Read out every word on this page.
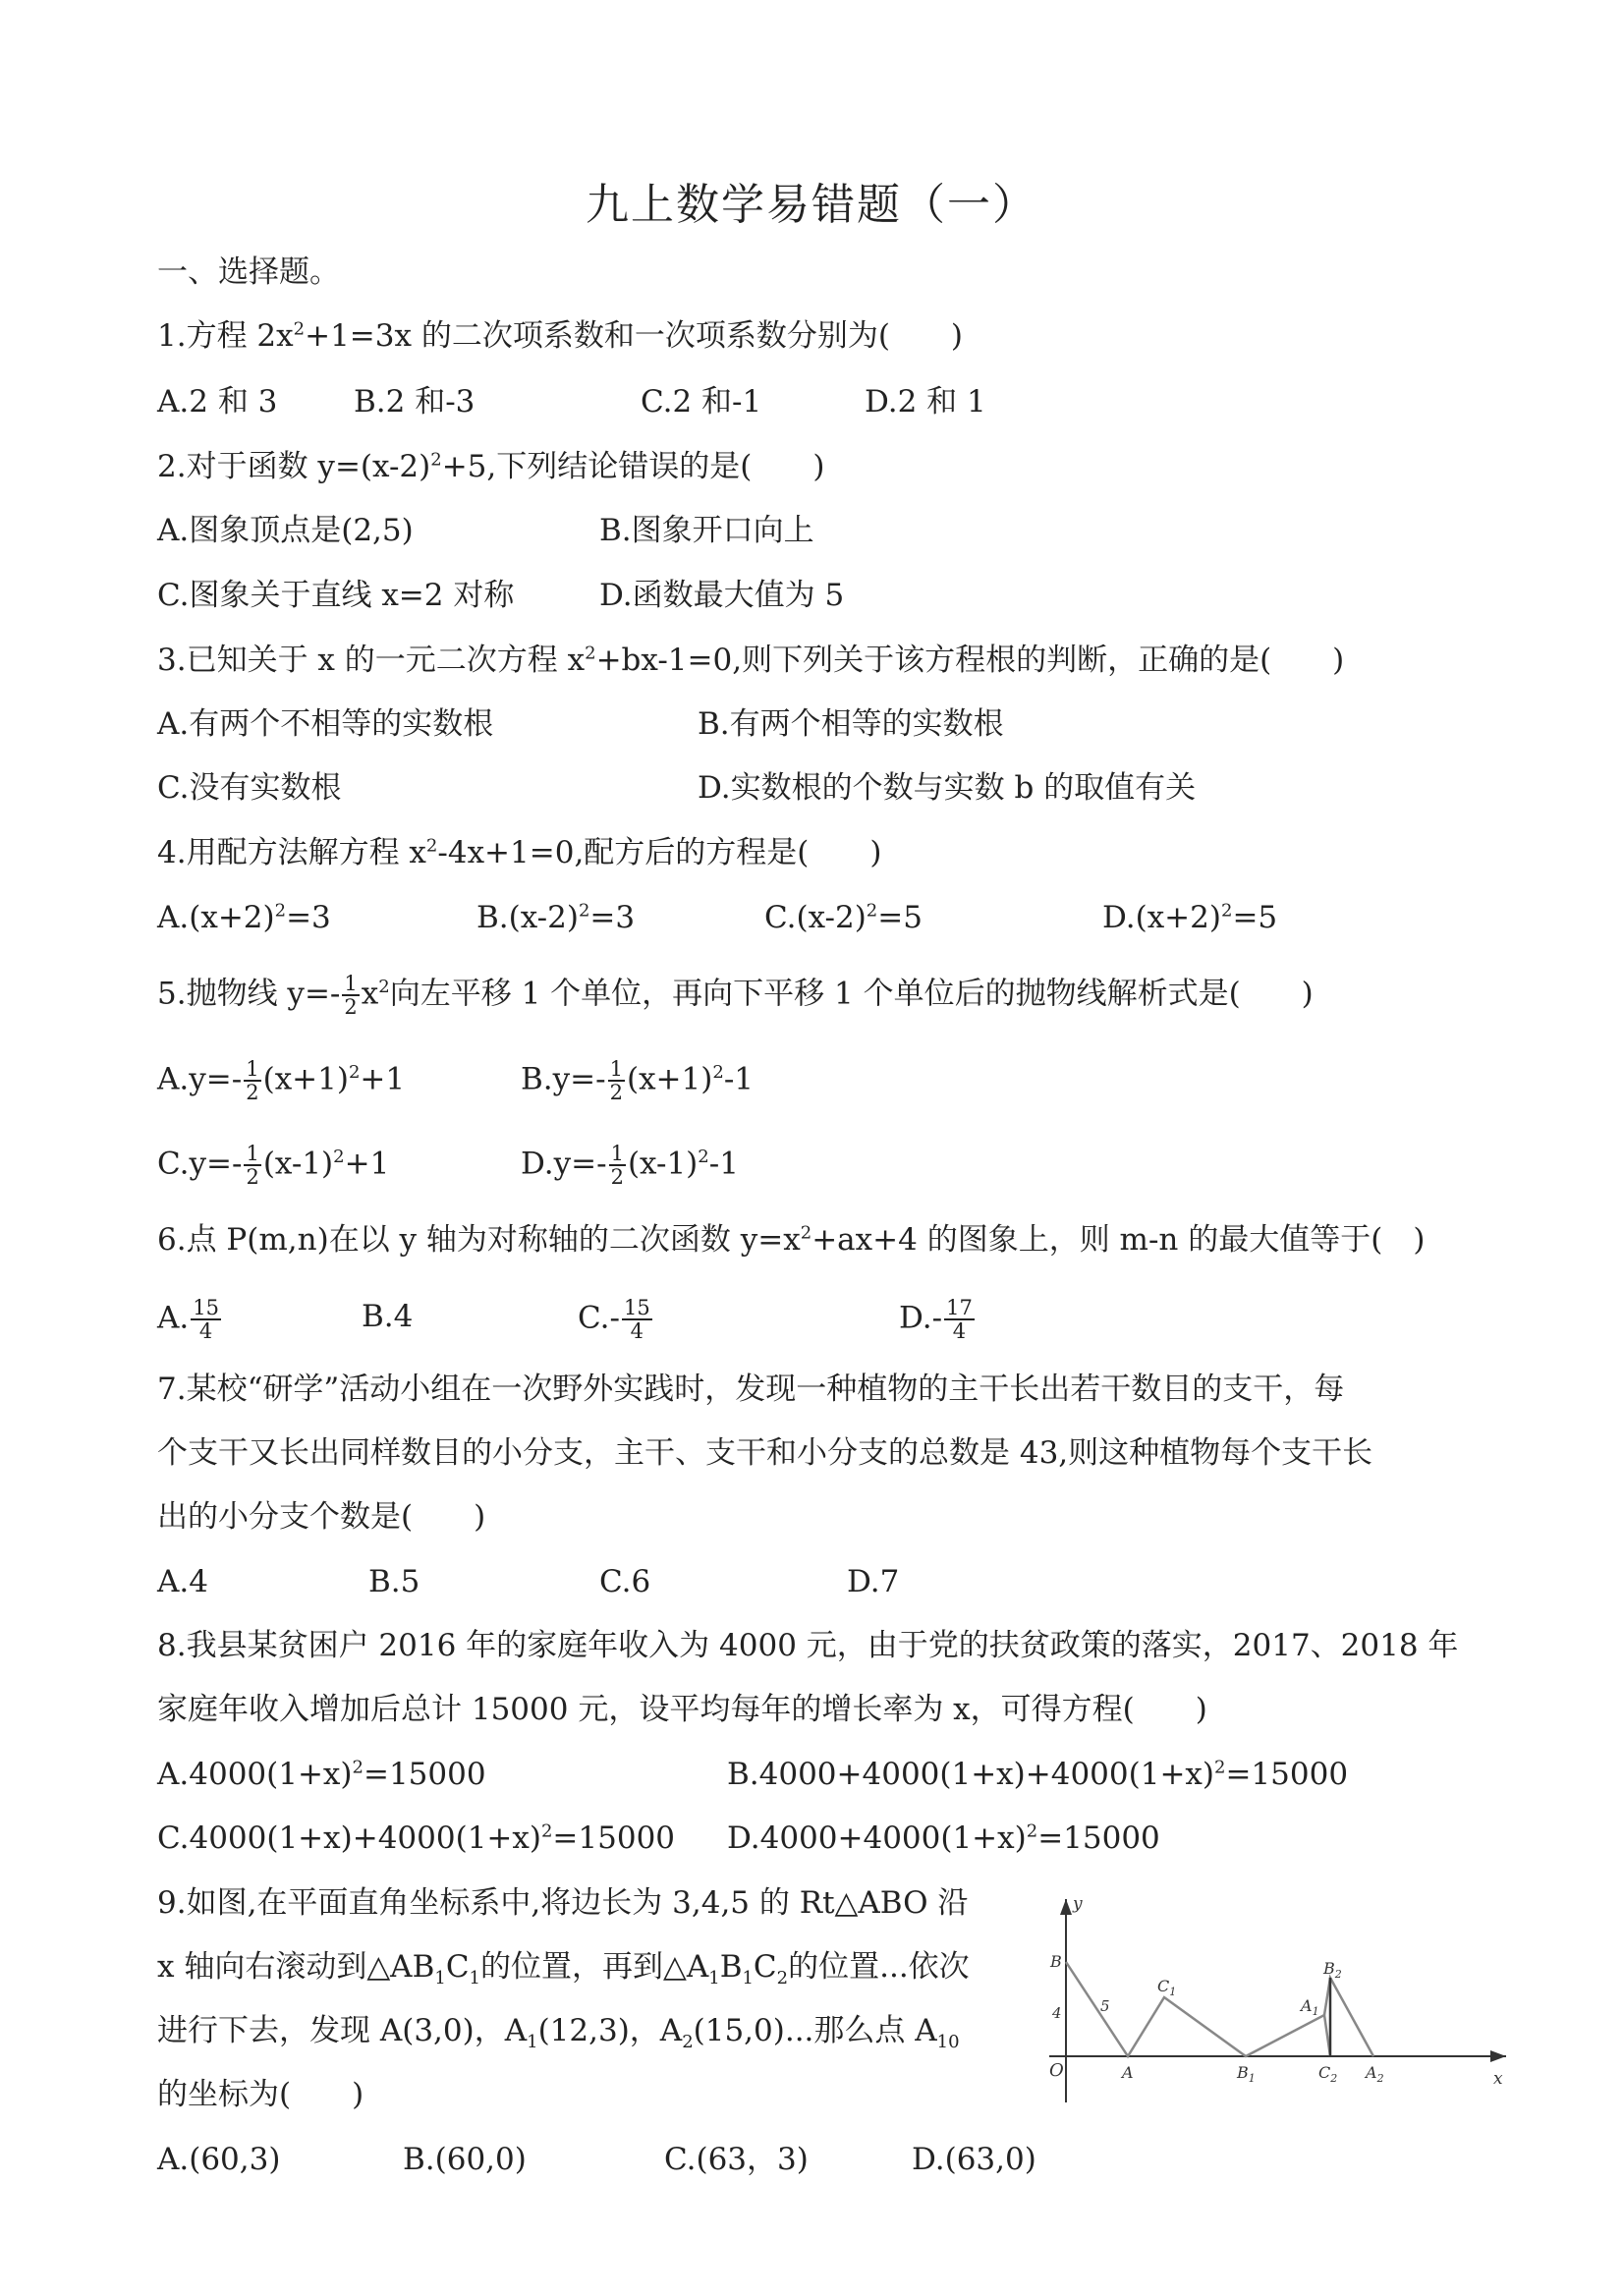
九上数学易错题（一）
一、选择题。
1.方程 $2x^2+1=3x$ 的二次项系数和一次项系数分别为(　　)
A.2 和 3	B.2 和-3	C.2 和-1	D.2 和 1
2.对于函数 $y=(x-2)^2+5$,下列结论错误的是(　　)
A.图象顶点是(2,5)	B.图象开口向上
C.图象关于直线 x=2 对称	D.函数最大值为 5
3.已知关于 x 的一元二次方程 $x^2+bx-1=0$,则下列关于该方程根的判断，正确的是(　　)
A.有两个不相等的实数根	B.有两个相等的实数根
C.没有实数根	D.实数根的个数与实数 b 的取值有关
4.用配方法解方程 $x^2-4x+1=0$,配方后的方程是(　　)
$A.(x+2)^2=3$	$B.(x-2)^2=3$	$C.(x-2)^2=5$	$D.(x+2)^2=5$
5.抛物线 $y=- \frac{1}{2} x^2$向左平移 1 个单位，再向下平移 1 个单位后的抛物线解析式是(　　)
$A.y=- \frac{1}{2} (x+1)^2+1$	$B.y=- \frac{1}{2} (x+1)^2-1$
$C.y=- \frac{1}{2} (x-1)^2+1$	$D.y=- \frac{1}{2} (x-1)^2-1$
6.点 P(m,n)在以 y 轴为对称轴的二次函数 $y=x^2+ax+4$ 的图象上，则 m-n 的最大值等于(　)
A. $\frac{15}{4}$	B.4	$C.- \frac{15}{4}$	$D.- \frac{17}{4}$
7.某校“研学”活动小组在一次野外实践时，发现一种植物的主干长出若干数目的支干，每
个支干又长出同样数目的小分支，主干、支干和小分支的总数是 43,则这种植物每个支干长
出的小分支个数是(　　)
A.4	B.5	C.6	D.7
8.我县某贫困户 2016 年的家庭年收入为 4000 元，由于党的扶贫政策的落实，2017、2018 年
家庭年收入增加后总计 15000 元，设平均每年的增长率为 x，可得方程(　　)
$A.4000(1+x)^2=15000$	$B.4000+4000(1+x)+4000(1+x)^2=15000$
$C.4000(1+x)+4000(1+x)^2=15000$ $D.4000+4000(1+x)^2=15000$
9.如图,在平面直角坐标系中,将边长为 3,4,5 的 Rt△ABO 沿
x 轴向右滚动到$\triangle AB_1C_1$的位置，再到$\triangle A_1B_1C_2$的位置...依次
进行下去，发现 A(3,0)，$A_1(12,3)$，$A_2(15,0)$...那么点 $A_{10}$
的坐标为(　　)
A.(60,3)	B.(60,0)	C.(63，3)	D.(63,0)
y
x
O	A
B
4	5
$C_1$
$B_1$
$A_1$
$B_2$
$C_2$ $A_2$
